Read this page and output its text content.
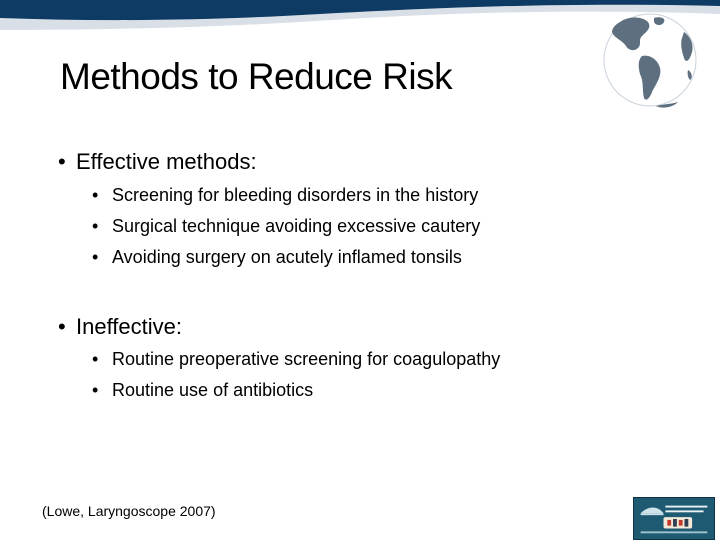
Methods to Reduce Risk
• Effective methods:
• Screening for bleeding disorders in the history
• Surgical technique avoiding excessive cautery
• Avoiding surgery on acutely inflamed tonsils
• Ineffective:
• Routine preoperative screening for coagulopathy
• Routine use of antibiotics
(Lowe, Laryngoscope 2007)
